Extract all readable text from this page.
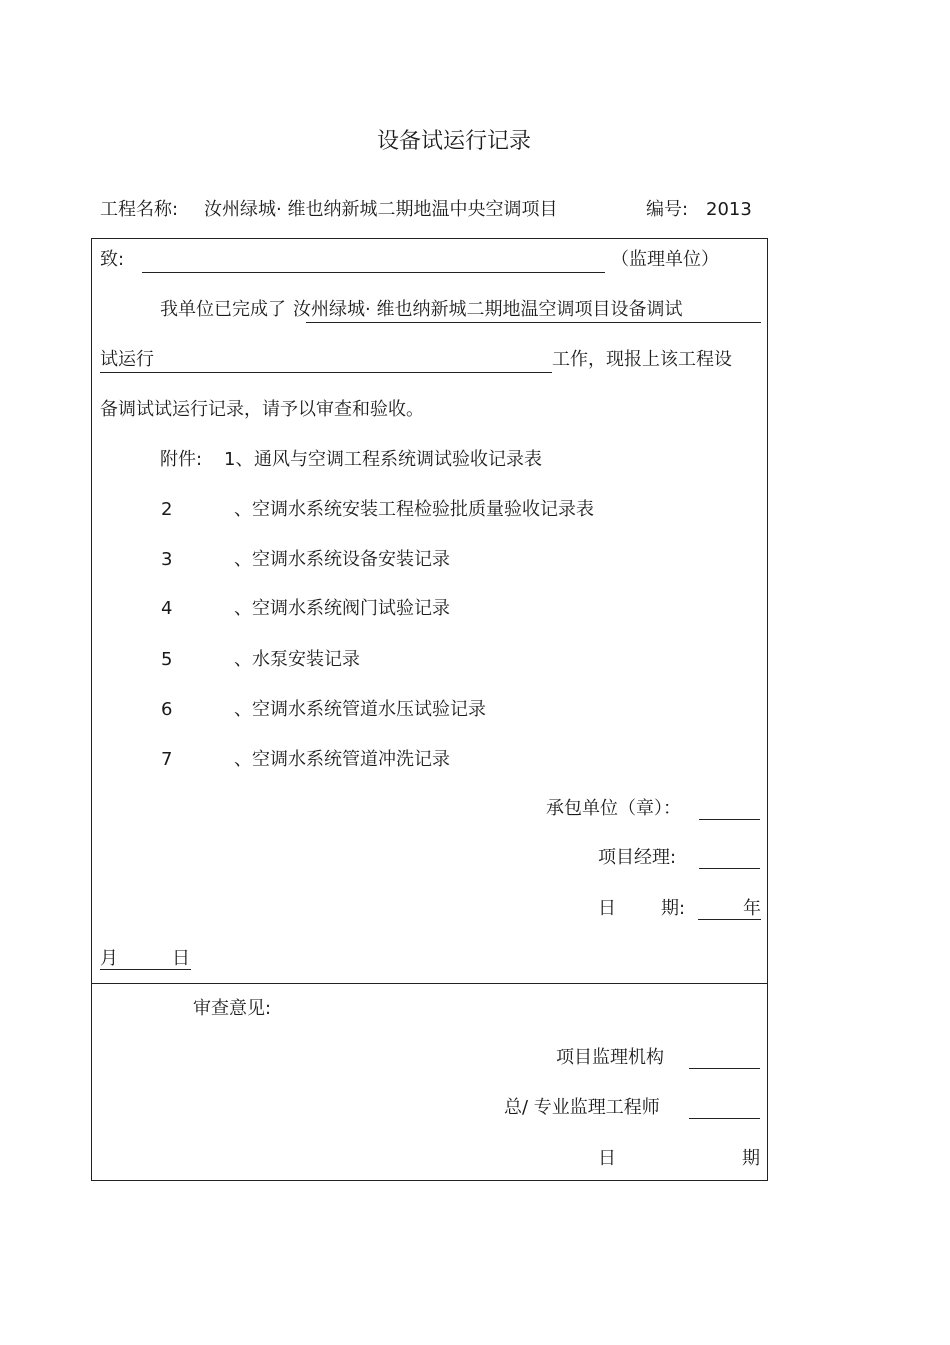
设备试运行记录
工程名称: 汝州绿城· 维也纳新城二期地温中央空调项目	编号: 2013
致:	（监理单位）
我单位已完成了 汝州绿城· 维也纳新城二期地温空调项目设备调试
试运行	工作，现报上该工程设
备调试试运行记录，请予以审查和验收。
附件: 1、 通风与空调工程系统调试验收记录表
2	、空调水系统安装工程检验批质量验收记录表
3	、空调水系统设备安装记录
4	、空调水系统阀门试验记录
5	、水泵安装记录
6	、空调水系统管道水压试验记录
7	、空调水系统管道冲洗记录
承包单位（章）：
项目经理:
日	期:	年
月	日
审查意见:
项目监理机构
总/ 专业监理工程师
日	期
